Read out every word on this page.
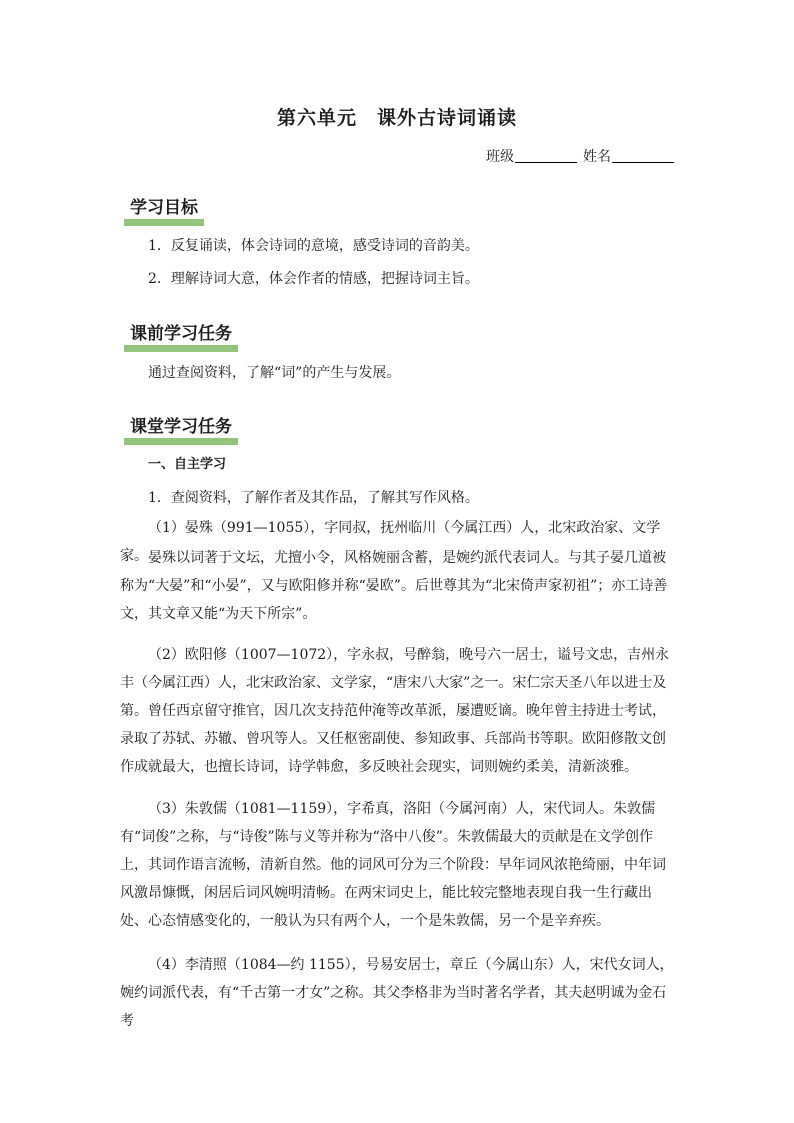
第六单元　课外古诗词诵读
班级	姓名
学习目标
1．反复诵读，体会诗词的意境，感受诗词的音韵美。
2．理解诗词大意，体会作者的情感，把握诗词主旨。
课前学习任务
通过查阅资料，了解“词”的产生与发展。
课堂学习任务
一、自主学习
1．查阅资料，了解作者及其作品，了解其写作风格。
（1）晏殊（991—1055），字同叔，抚州临川（今属江西）人，北宋政治家、文学家。 晏殊以词著于文坛，尤擅小令，风格婉丽含蓄，是婉约派代表词人。与其子晏几道被称为“大晏”和“小晏”，又与欧阳修并称“晏欧”。后世尊其为“北宋倚声家初祖”；亦工诗善文，其文章又能“为天下所宗”。
（2）欧阳修（1007—1072），字永叔，号醉翁，晚号六一居士，谥号文忠，吉州永丰（今属江西）人，北宋政治家、文学家，“唐宋八大家”之一。宋仁宗天圣八年以进士及第。曾任西京留守推官，因几次支持范仲淹等改革派，屡遭贬谪。晚年曾主持进士考试，录取了苏轼、苏辙、曾巩等人。又任枢密副使、参知政事、兵部尚书等职。欧阳修散文创作成就最大，也擅长诗词，诗学韩愈，多反映社会现实，词则婉约柔美，清新淡雅。
（3）朱敦儒（1081—1159），字希真，洛阳（今属河南）人，宋代词人。朱敦儒有“词俊”之称，与“诗俊”陈与义等并称为“洛中八俊”。朱敦儒最大的贡献是在文学创作上，其词作语言流畅，清新自然。他的词风可分为三个阶段：早年词风浓艳绮丽，中年词风激昂慷慨，闲居后词风婉明清畅。在两宋词史上，能比较完整地表现自我一生行藏出处、心态情感变化的，一般认为只有两个人，一个是朱敦儒，另一个是辛弃疾。
（4）李清照（1084—约 1155），号易安居士，章丘（今属山东）人，宋代女词人，婉约词派代表，有“千古第一才女”之称。其父李格非为当时著名学者，其夫赵明诚为金石考
